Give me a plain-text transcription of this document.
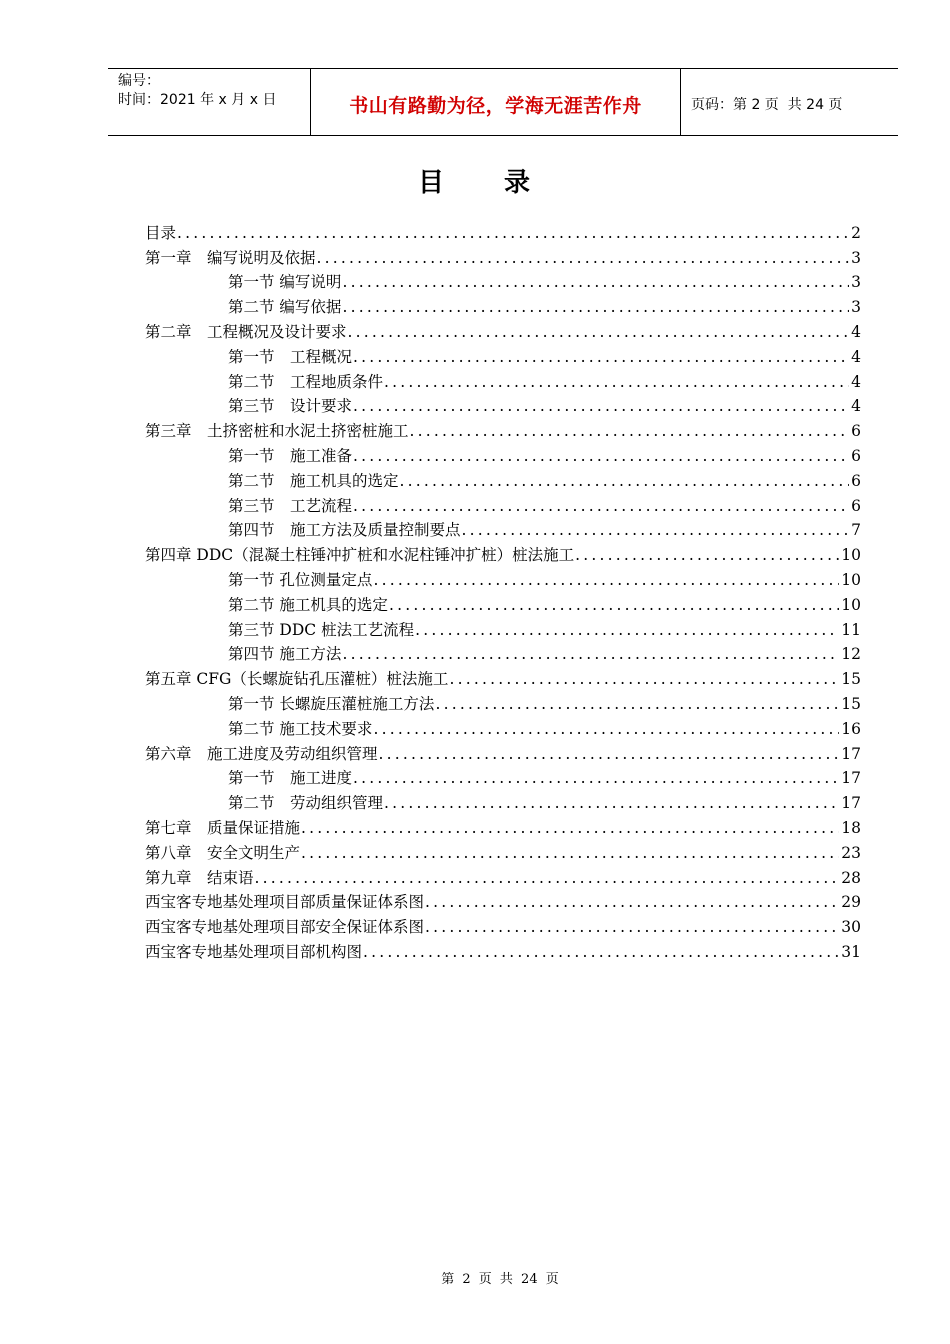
编号：
时间：2021 年 x 月 x 日	书山有路勤为径，学海无涯苦作舟	页码：第 2 页  共 24 页
目 录
目录 .....	2
第一章　编写说明及依据 .....	3
第一节 编写说明 .....	3
第二节 编写依据 .....	3
第二章　工程概况及设计要求 .....	4
第一节　工程概况 .....	4
第二节　工程地质条件 .....	4
第三节　设计要求 .....	4
第三章　土挤密桩和水泥土挤密桩施工 .....	6
第一节　施工准备 .....	6
第二节　施工机具的选定 .....	6
第三节　工艺流程 .....	6
第四节　施工方法及质量控制要点 .....	7
第四章 DDC（混凝土柱锤冲扩桩和水泥柱锤冲扩桩）桩法施工 .....	10
第一节 孔位测量定点 .....	10
第二节 施工机具的选定 .....	10
第三节 DDC 桩法工艺流程 .....	11
第四节 施工方法 .....	12
第五章 CFG（长螺旋钻孔压灌桩）桩法施工 .....	15
第一节 长螺旋压灌桩施工方法 .....	15
第二节 施工技术要求 .....	16
第六章　施工进度及劳动组织管理 .....	17
第一节　施工进度 .....	17
第二节　劳动组织管理 .....	17
第七章　质量保证措施 .....	18
第八章　安全文明生产 .....	23
第九章　结束语 .....	28
西宝客专地基处理项目部质量保证体系图 .....	29
西宝客专地基处理项目部安全保证体系图 .....	30
西宝客专地基处理项目部机构图 .....	31
第 2 页 共 24 页
